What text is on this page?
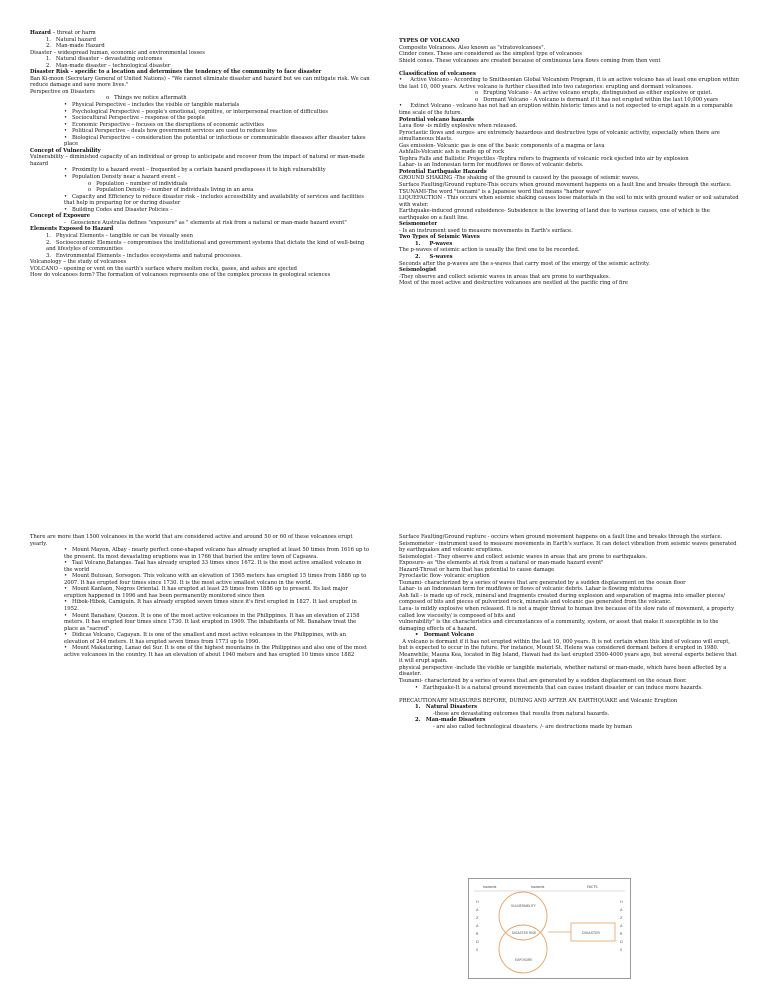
Hazard – threat or harm

1.   Natural hazard

2.   Man-made Hazard

Disaster – widespread human, economic and environmental losses

1.   Natural disaster – devastating outcomes

2.   Man-made disaster – technological disaster

Disaster Risk – specific to a location and determines the tendency of the community to face disaster

Ban Ki-moon (Secretary General of United Nations) – "We cannot eliminate disaster and hazard but we can mitigate risk. We can reduce damage and save more lives."

Perspective on Disasters

o   Things we notice aftermath

•   Physical Perspective – includes the visible or tangible materials

•   Psychological Perspective – people's emotional, cognitive, or interpersonal reaction of difficulties

•   Sociocultural Perspective – response of the people

•   Economic Perspective – focuses on the disruptions of economic activities

•   Political Perspective – deals how government services are used to reduce loss

•   Biological Perspective – consideration the potential or infectious or communicable diseases after disaster takes place

Concept of Vulnerability

Vulnerability – diminished capacity of an individual or group to anticipate and recover from the impact of natural or man-made hazard

•   Proximity to a hazard event – frequented by a certain hazard predisposes it to high vulnerability

•   Population Density near a hazard event –

o   Population – number of individuals

o   Population Density – number of individuals living in an area

•   Capacity and Efficiency to reduce disaster risk – includes accessibility and availability of services and facilities that help in preparing for or during disaster

•   Building Codes and Disaster Policies –

Concept of Exposure

-   Geoscience Australia defines "exposure" as " elements at risk from a natural or man-made hazard event"

Elements Exposed to Hazard

1.   Physical Elements – tangible or can be visually seen

2.   Socioeconomic Elements – compromises the institutional and government systems that dictate the kind of well-being and lifestyles of communities

3.   Environmental Elements – includes ecosystems and natural processes.

Volcanology – the study of volcanoes

VOLCANO – opening or vent on the earth's surface where molten rocks, gases, and ashes are ejected

How do volcanoes form? The formation of volcanoes represents one of the complex process in geological sciences

TYPES OF VOLCANO

Composite Volcanoes. Also known as "stratovolcanoes".

Cinder cones. These are considered as the simplest type of volcanoes

Shield cones. These volcanoes are created because of continuous lava flows coming from then vent

Classification of volcanoes

•     Active Volcano - According to Smithsonian Global Volcanism Program, it is an active volcano has at least one eruption within the last 10, 000 years. Active volcano is further classified into two categories: erupting and dormant volcanoes.

o   Erupting Volcano - An active volcano erupts, distinguished as either explosive or quiet.

o   Dormant Volcano - A volcano is dormant if it has not erupted within the last 10,000 years

•     Extinct Volcano - volcano has not had an eruption within historic times and is not expected to erupt again in a comparable time scale of the future.

Potential volcano hazards

Lava flow -is mildly explosive when released.

Pyroclastic flows and surges- are extremely hazardous and destructive type of volcanic activity, especially when there are simultaneous blasts.

Gas emission- Volcanic gas is one of the basic components of a magma or lava

Ashfalls-Volcanic ash is made up of rock

Tephra Falls and Ballistic Projectiles -Tephra refers to fragments of volcanic rock ejected into air by explosion

Lahar- is an Indonesian term for mudflows or flows of volcanic debris.

Potential Earthquake Hazards

GROUND SHAKING -The shaking of the ground is caused by the passage of seismic waves.

Surface Faulting/Ground rupture-This occurs when ground movement happens on a fault line and breaks through the surface.

TSUNAMI-The word "tsunami" is a Japanese word that means "harbor wave"

LIQUEFACTION - This occurs when seismic shaking causes loose materials in the soil to mix with ground water or soil saturated with water.

Earthquake-induced ground subsidence- Subsidence is the lowering of land due to various causes, one of which is the earthquake on a fault line.

Seismometer

- Is an instrument used to measure movements in Earth's surface.

Two Types of Seismic Waves

1.     P-waves

The p-waves of seismic action is usually the first one to be recorded.

2.     S-waves

Seconds after the p-waves are the s-waves that carry most of the energy of the seismic activity.

Seismologist

-They observe and collect seismic waves in areas that are prone to earthquakes.

Most of the most active and destructive volcanoes are nestled at the pacific ring of fire

There are more than 1500 volcanoes in the world that are considered active and around 50 or 60 of these volcanoes erupt yearly.

•   Mount Mayon, Albay - nearly perfect cone-shaped volcano has already erupted at least 50 times from 1616 up to the present. Its most devastating eruptions was in 1766 that buried the entire town of Cagsawa.

•   Taal Volcano,Batangas. Taal has already erupted 33 times since 1672. It is the most active smallest volcano in the world

•   Mount Bulusan, Sorsogon. This volcano with an elevation of 1565 meters has erupted 15 times from 1886 up to 2007. It has erupted four times since 1730. It is the most active smallest volcano in the world.

•   Mount Kanlaon, Negros Oriental. It has erupted at least 25 times from 1886 up to present. Its last major eruption happened in 1996 and has been permanently monitored since then

•   Hibok-Hibok, Camiguin. It has already erupted seven times since it's first erupted in 1827. It last erupted in 1952.

•   Mount Banahaw, Quezon. It is one of the most active volcanoes in the Philippines. It has an elevation of 2158 meters. It has erupted four times since 1730. It last erupted in 1909. The inhabitants of Mt. Banahaw treat the place as "sacred".

•   Didicas Volcano, Cagayan. It is one of the smallest and most active volcanoes in the Philippines, with an elevation of 244 meters. It has erupted seven times from 1773 up to 1990.

•   Mount Makaturing, Lanao del Sur. It is one of the highest mountains in the Philippines and also one of the most active volcanoes in the country. It has an elevation of about 1940 meters and has erupted 10 times since 1882

Surface Faulting/Ground rupture - occurs when ground movement happens on a fault line and breaks through the surface.

Seismometer - instrument used to measure movements in Earth's surface. It can detect vibration from seismic waves generated by earthquakes and volcanic eruptions.

Seismologist - They observe and collect seismic waves in areas that are prone to earthquakes.

Exposure- as "the elements at risk from a natural or man-made hazard event"

Hazard-Threat or harm that has potential to cause damage

Pyroclastic flow- volcanic eruption

Tsunami- characterized by a series of waves that are generated by a sudden displacement on the ocean floor

Lahar- is an Indonesian term for mudflows or flows of volcanic debris. Lahar is flowing mixtures

Ash fall - is made up of rock, mineral and fragments created during explosion and separation of magma into smaller pieces/ composed of bits and pieces of pulverized rock, minerals and volcanic gas generated from the volcanic.

Lava- is mildly explosive when released. It is not a major threat to human live because of its slow rate of movement, a property called low viscosity/ is composed of bits and

vulnerability" is the characteristics and circumstances of a community, system, or asset that make it susceptible in to the damaging effects of a hazard.

•   Dormant Volcano

A volcano is dormant if it has not erupted within the last 10, 000 years. It is not certain when this kind of volcano will erupt, but is expected to occur in the future. For instance, Mount St. Helens was considered dormant before it erupted in 1980. Meanwhile, Mauna Kea, located in Big Island, Hawaii had its last erupted 3500-4000 years ago, but several experts believe that it will erupt again.

physical perspective -include the visible or tangible materials, whether natural or man-made, which have been affected by a disaster.

Tsunami- characterized by a series of waves that are generated by a sudden displacement on the ocean floor.

•   Earthquake-It is a natural ground movements that can cause instant disaster or can induce more hazards.

PRECAUTIONARY MEASURES BEFORE, DURING AND AFTER AN EARTHQUAKE and Volcanic Eruption

1.   Natural Disasters

-these are devastating outcomes that results from natural hazards.

2.   Man-made Disasters

- are also called technological disasters. /- are destructions made by human

hazards	hazards	FACTS
H
A
Z
A
R
D
S
H
A
Z
A
R
D
S
VULNERABILITY
DISASTER RISK
EXPOSURE
DISASTER
